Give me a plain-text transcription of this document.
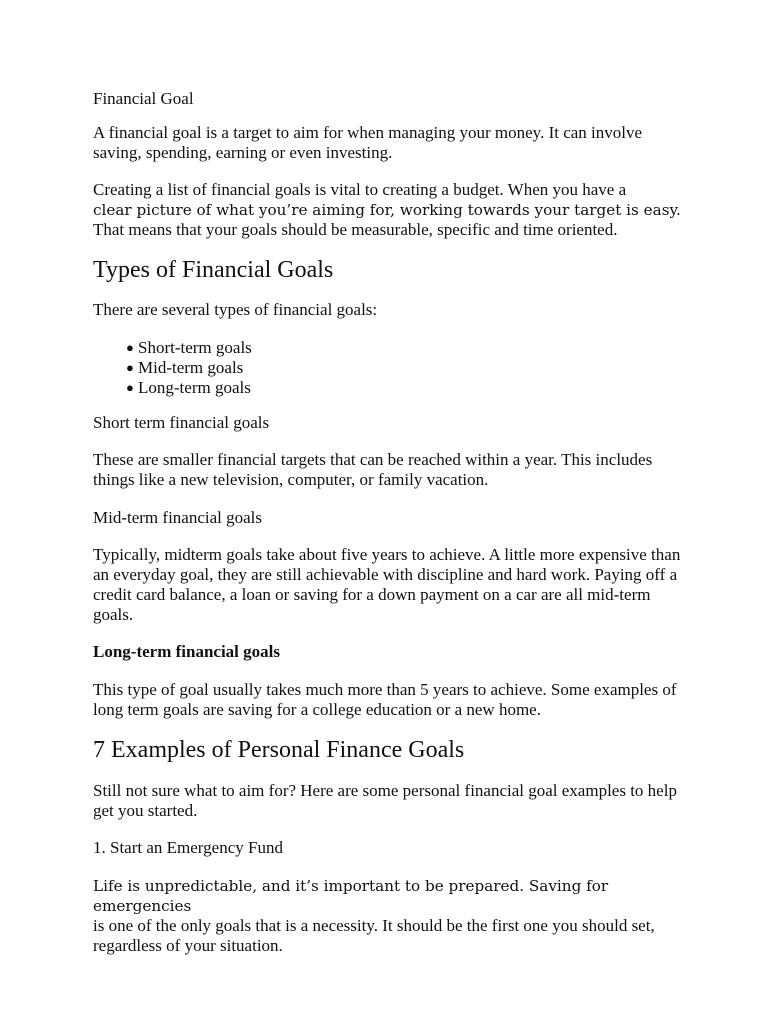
Financial Goal

A financial goal is a target to aim for when managing your money. It can involve saving, spending, earning or even investing.

Creating a list of financial goals is vital to creating a budget. When you have a
clear picture of what you’re aiming for, working towards your target is easy.
That means that your goals should be measurable, specific and time oriented.
Types of Financial Goals

There are several types of financial goals:

● Short-term goals
● Mid-term goals
● Long-term goals

Short term financial goals

These are smaller financial targets that can be reached within a year. This includes things like a new television, computer, or family vacation.

Mid-term financial goals

Typically, midterm goals take about five years to achieve. A little more expensive than an everyday goal, they are still achievable with discipline and hard work. Paying off a credit card balance, a loan or saving for a down payment on a car are all mid-term goals.

Long-term financial goals

This type of goal usually takes much more than 5 years to achieve. Some examples of long term goals are saving for a college education or a new home.

7 Examples of Personal Finance Goals

Still not sure what to aim for? Here are some personal financial goal examples to help get you started.

1. Start an Emergency Fund

Life is unpredictable, and it’s important to be prepared. Saving for emergencies
is one of the only goals that is a necessity. It should be the first one you should set, regardless of your situation.
